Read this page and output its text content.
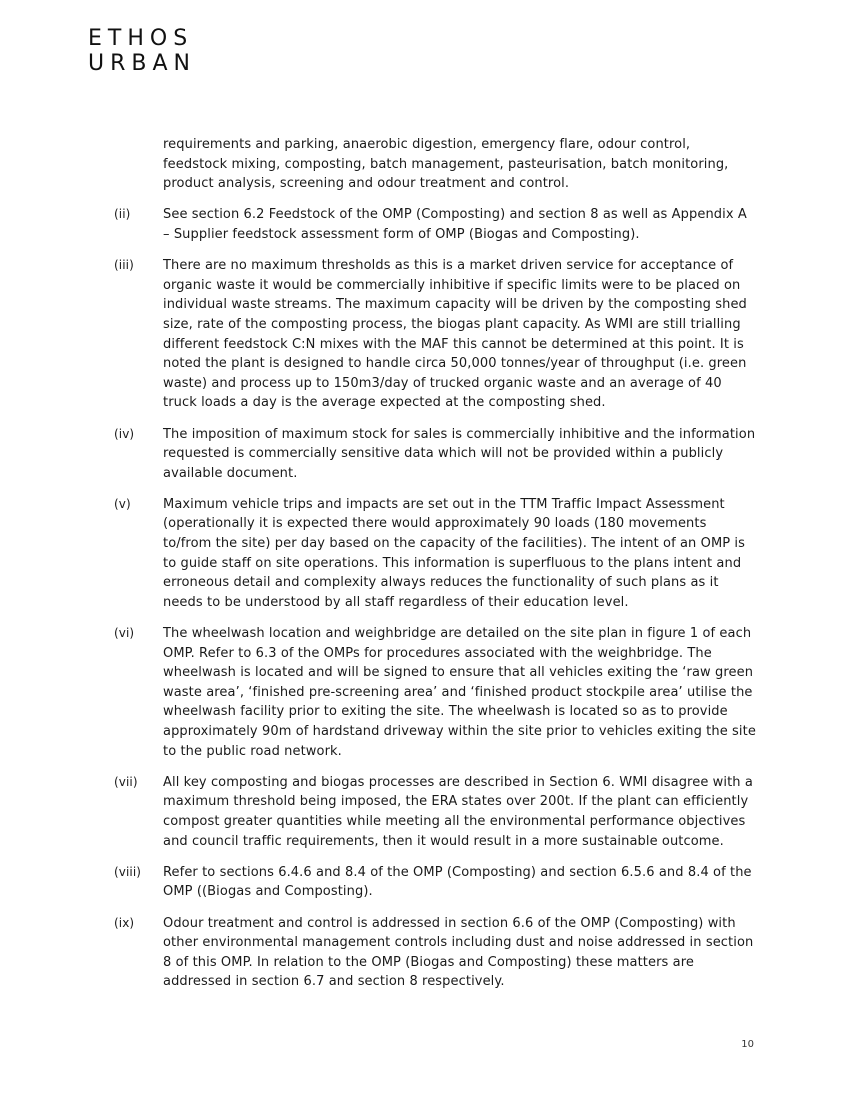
ETHOS
URBAN
requirements and parking, anaerobic digestion, emergency flare, odour control, feedstock mixing, composting, batch management, pasteurisation, batch monitoring, product analysis, screening and odour treatment and control.
(ii)	See section 6.2 Feedstock of the OMP (Composting) and section 8 as well as Appendix A – Supplier feedstock assessment form of OMP (Biogas and Composting).
(iii) There are no maximum thresholds as this is a market driven service for acceptance of organic waste it would be commercially inhibitive if specific limits were to be placed on individual waste streams. The maximum capacity will be driven by the composting shed size, rate of the composting process, the biogas plant capacity. As WMI are still trialling different feedstock C:N mixes with the MAF this cannot be determined at this point. It is noted the plant is designed to handle circa 50,000 tonnes/year of throughput (i.e. green waste) and process up to 150m3/day of trucked organic waste and an average of 40 truck loads a day is the average expected at the composting shed.
(iv) The imposition of maximum stock for sales is commercially inhibitive and the information requested is commercially sensitive data which will not be provided within a publicly available document.
(v) Maximum vehicle trips and impacts are set out in the TTM Traffic Impact Assessment (operationally it is expected there would approximately 90 loads (180 movements to/from the site) per day based on the capacity of the facilities). The intent of an OMP is to guide staff on site operations. This information is superfluous to the plans intent and erroneous detail and complexity always reduces the functionality of such plans as it needs to be understood by all staff regardless of their education level.
(vi) The wheelwash location and weighbridge are detailed on the site plan in figure 1 of each OMP. Refer to 6.3 of the OMPs for procedures associated with the weighbridge. The wheelwash is located and will be signed to ensure that all vehicles exiting the ‘raw green waste area’, ‘finished pre-screening area’ and ‘finished product stockpile area’ utilise the wheelwash facility prior to exiting the site. The wheelwash is located so as to provide approximately 90m of hardstand driveway within the site prior to vehicles exiting the site to the public road network.
(vii) All key composting and biogas processes are described in Section 6. WMI disagree with a maximum threshold being imposed, the ERA states over 200t. If the plant can efficiently compost greater quantities while meeting all the environmental performance objectives and council traffic requirements, then it would result in a more sustainable outcome.
(viii) Refer to sections 6.4.6 and 8.4 of the OMP (Composting) and section 6.5.6 and 8.4 of the OMP ((Biogas and Composting).
(ix) Odour treatment and control is addressed in section 6.6 of the OMP (Composting) with other environmental management controls including dust and noise addressed in section 8 of this OMP. In relation to the OMP (Biogas and Composting) these matters are addressed in section 6.7 and section 8 respectively.
10
